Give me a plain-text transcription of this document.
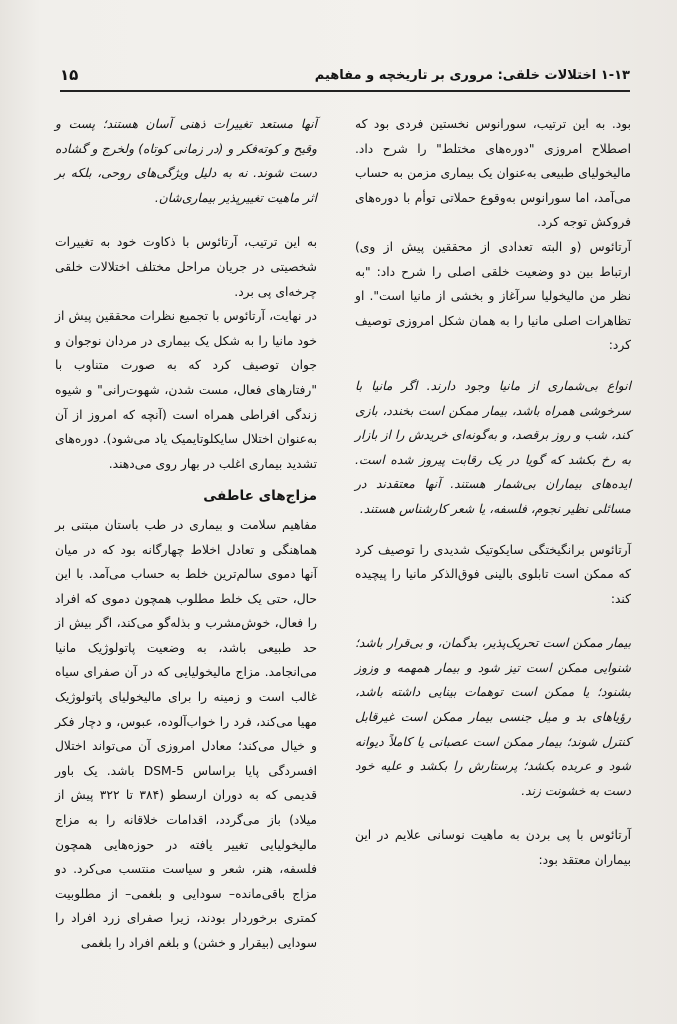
۱-۱۳ اختلالات خلقی: مروری بر تاریخچه و مفاهیم
۱۵

بود. به این ترتیب، سورانوس نخستین فردی بود که اصطلاح امروزی "دوره‌های مختلط" را شرح داد. مالیخولیای طبیعی به‌عنوان یک بیماری مزمن به حساب می‌آمد، اما سورانوس به‌وقوع حملاتی توأم با دوره‌های فروکش توجه کرد.

آرتائوس (و البته تعدادی از محققین پیش از وی) ارتباط بین دو وضعیت خلقی اصلی را شرح داد: "به نظر من مالیخولیا سرآغاز و بخشی از مانیا است". او تظاهرات اصلی مانیا را به همان شکل امروزی توصیف کرد:

انواع بی‌شماری از مانیا وجود دارند. اگر مانیا با سرخوشی همراه باشد، بیمار ممکن است بخندد، بازی کند، شب و روز برقصد، و به‌گونه‌ای خریدش را از بازار به رخ بکشد که گویا در یک رقابت پیروز شده است. ایده‌های بیماران بی‌شمار هستند. آنها معتقدند در مسائلی نظیر نجوم، فلسفه، یا شعر کارشناس هستند.

آرتائوس برانگیختگی سایکوتیک شدیدی را توصیف کرد که ممکن است تابلوی بالینی فوق‌الذکر مانیا را پیچیده کند:

بیمار ممکن است تحریک‌پذیر، بدگمان، و بی‌قرار باشد؛ شنوایی ممکن است تیز شود و بیمار همهمه و وزوز بشنود؛ یا ممکن است توهمات بینایی داشته باشد، رؤیاهای بد و میل جنسی بیمار ممکن است غیرقابل کنترل شوند؛ بیمار ممکن است عصبانی یا کاملاً دیوانه شود و عربده بکشد؛ پرستارش را بکشد و علیه خود دست به خشونت زند.

آرتائوس با پی بردن به ماهیت نوسانی علایم در این بیماران معتقد بود:

آنها مستعد تغییرات ذهنی آسان هستند؛ پست و وقیح و کوته‌فکر و (در زمانی کوتاه) ولخرج و گشاده دست شوند. نه به دلیل ویژگی‌های روحی، بلکه بر اثر ماهیت تغییرپذیر بیماری‌شان.

به این ترتیب، آرتائوس با ذکاوت خود به تغییرات شخصیتی در جریان مراحل مختلف اختلالات خلقی چرخه‌ای پی برد.

در نهایت، آرتائوس با تجمیع نظرات محققین پیش از خود مانیا را به شکل یک بیماری در مردان نوجوان و جوان توصیف کرد که به صورت متناوب با "رفتارهای فعال، مست شدن، شهوت‌رانی" و شیوه زندگی افراطی همراه است (آنچه که امروز از آن به‌عنوان اختلال سایکلوتایمیک یاد می‌شود). دوره‌های تشدید بیماری اغلب در بهار روی می‌دهند.

مزاج‌های عاطفی

مفاهیم سلامت و بیماری در طب باستان مبتنی بر هماهنگی و تعادل اخلاط چهارگانه بود که در میان آنها دموی سالم‌ترین خلط به حساب می‌آمد. با این حال، حتی یک خلط مطلوب همچون دموی که افراد را فعال، خوش‌مشرب و بذله‌گو می‌کند، اگر بیش از حد طبیعی باشد، به وضعیت پاتولوژیک مانیا می‌انجامد. مزاج مالیخولیایی که در آن صفرای سیاه غالب است و زمینه را برای مالیخولیای پاتولوژیک مهیا می‌کند، فرد را خواب‌آلوده، عبوس، و دچار فکر و خیال می‌کند؛ معادل امروزی آن می‌تواند اختلال افسردگی پایا براساس DSM-5 باشد. یک باور قدیمی که به دوران ارسطو (۳۸۴ تا ۳۲۲ پیش از میلاد) باز می‌گردد، اقدامات خلاقانه را به مزاج مالیخولیایی تغییر یافته در حوزه‌هایی همچون فلسفه، هنر، شعر و سیاست منتسب می‌کرد. دو مزاج باقی‌مانده– سودایی و بلغمی– از مطلوبیت کمتری برخوردار بودند، زیرا صفرای زرد افراد را سودایی (بیقرار و خشن) و بلغم افراد را بلغمی
